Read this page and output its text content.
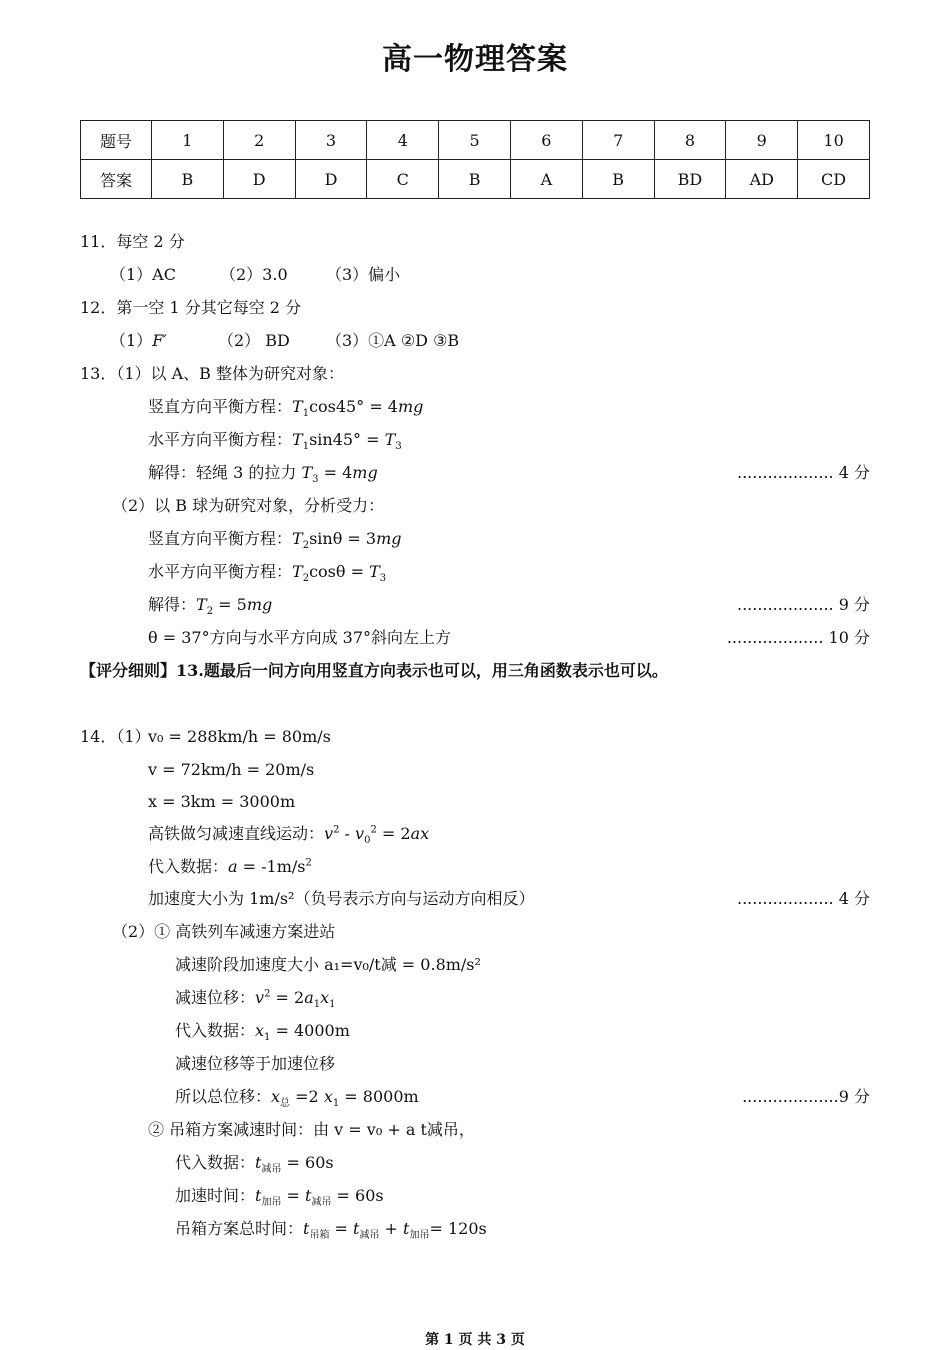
高一物理答案
题号	1	2	3	4	5	6	7	8	9	10
答案	B	D	D	C	B	A	B	BD	AD	CD
11．每空 2 分
（1）AC	（2）3.0 （3）偏小
12．第一空 1 分其它每空 2 分
（1）F′	（2） BD （3）①A ②D ③B
13．（1）以 A、B 整体为研究对象：
竖直方向平衡方程：$T_1\cos 45^\circ = 4mg$
水平方向平衡方程：$T_1\sin 45^\circ = T_3$
解得：轻绳 3 的拉力 $T_3 = 4mg$	................... 4 分
（2）以 B 球为研究对象，分析受力：
竖直方向平衡方程：$T_2\sin\theta = 3mg$
水平方向平衡方程：$T_2\cos\theta = T_3$
解得：$T_2 = 5mg$	................... 9 分
θ = 37°方向与水平方向成 37°斜向左上方	................... 10 分
【评分细则】13.题最后一问方向用竖直方向表示也可以，用三角函数表示也可以。
14．（1）
v₀ = 288km/h = 80m/s
v = 72km/h = 20m/s
x = 3km = 3000m
高铁做匀减速直线运动：$v^2 - v_0^2 = 2ax$
代入数据：$a = -1m/s^2$
加速度大小为 1m/s²（负号表示方向与运动方向相反）	................... 4 分
（2）① 高铁列车减速方案进站
减速阶段加速度大小 a₁=v₀/t减 = 0.8m/s²
减速位移：$v^2 = 2a_1x_1$
代入数据：$x_1 = 4000m$
减速位移等于加速位移
所以总位移：$x_总 =2$ $x_1 = 8000m$	...................9 分
② 吊箱方案减速时间：由 v = v₀ + a t减吊，
代入数据：$t_{减吊} = 60s$
加速时间：$t_{加吊} = t_{减吊} = 60s$
吊箱方案总时间：$t_{吊箱} = t_{减吊} + t_{加吊}= 120s$
第 1 页 共 3 页
